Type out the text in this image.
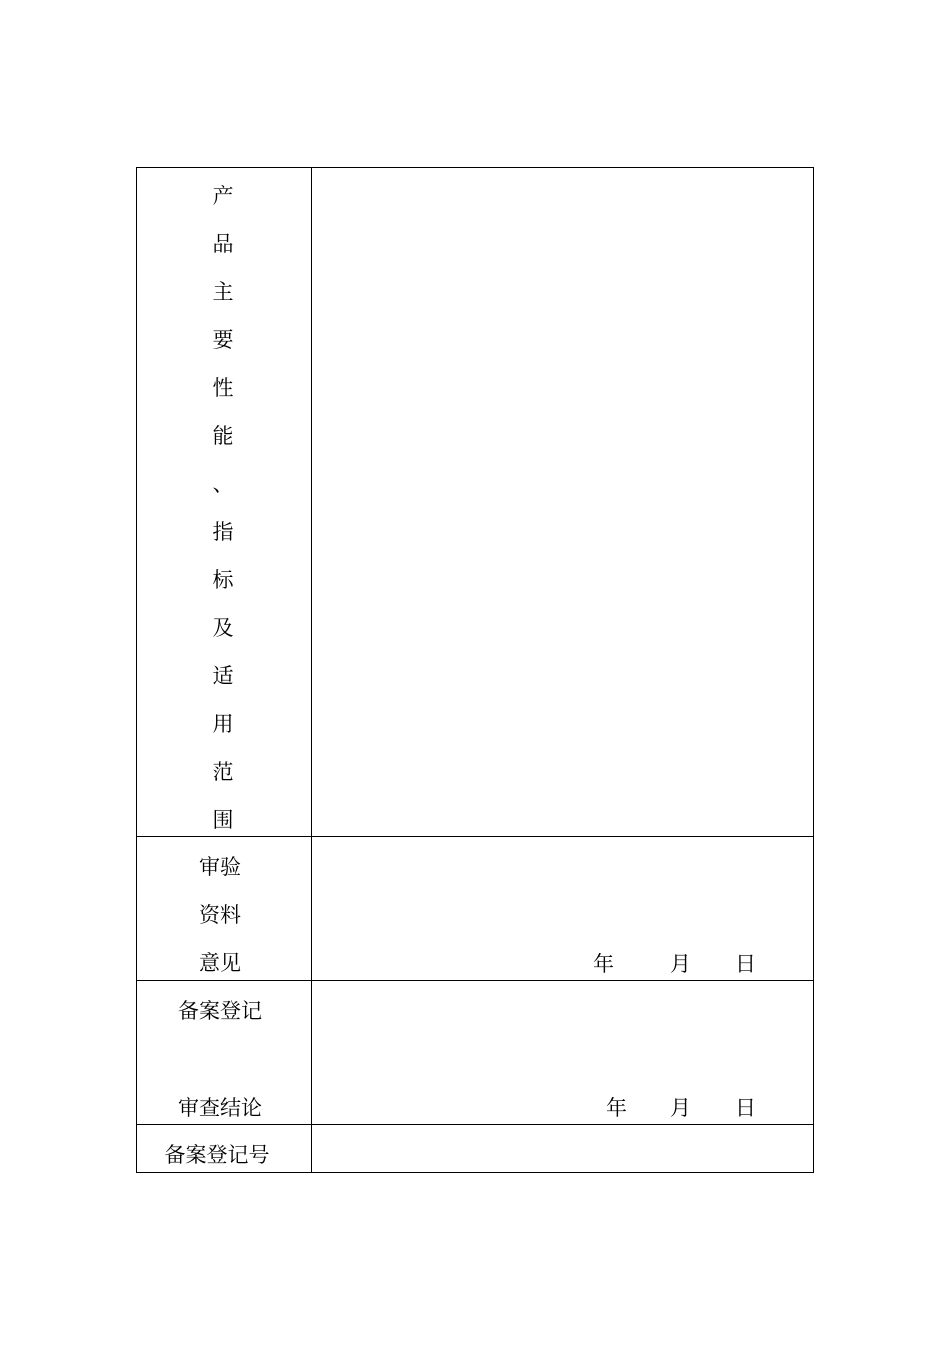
产
品
主
要
性
能
、
指
标
及
适
用
范
围
审验
资料
意见	年	月 日
备案登记
审查结论	年 月 日
备案登记号
